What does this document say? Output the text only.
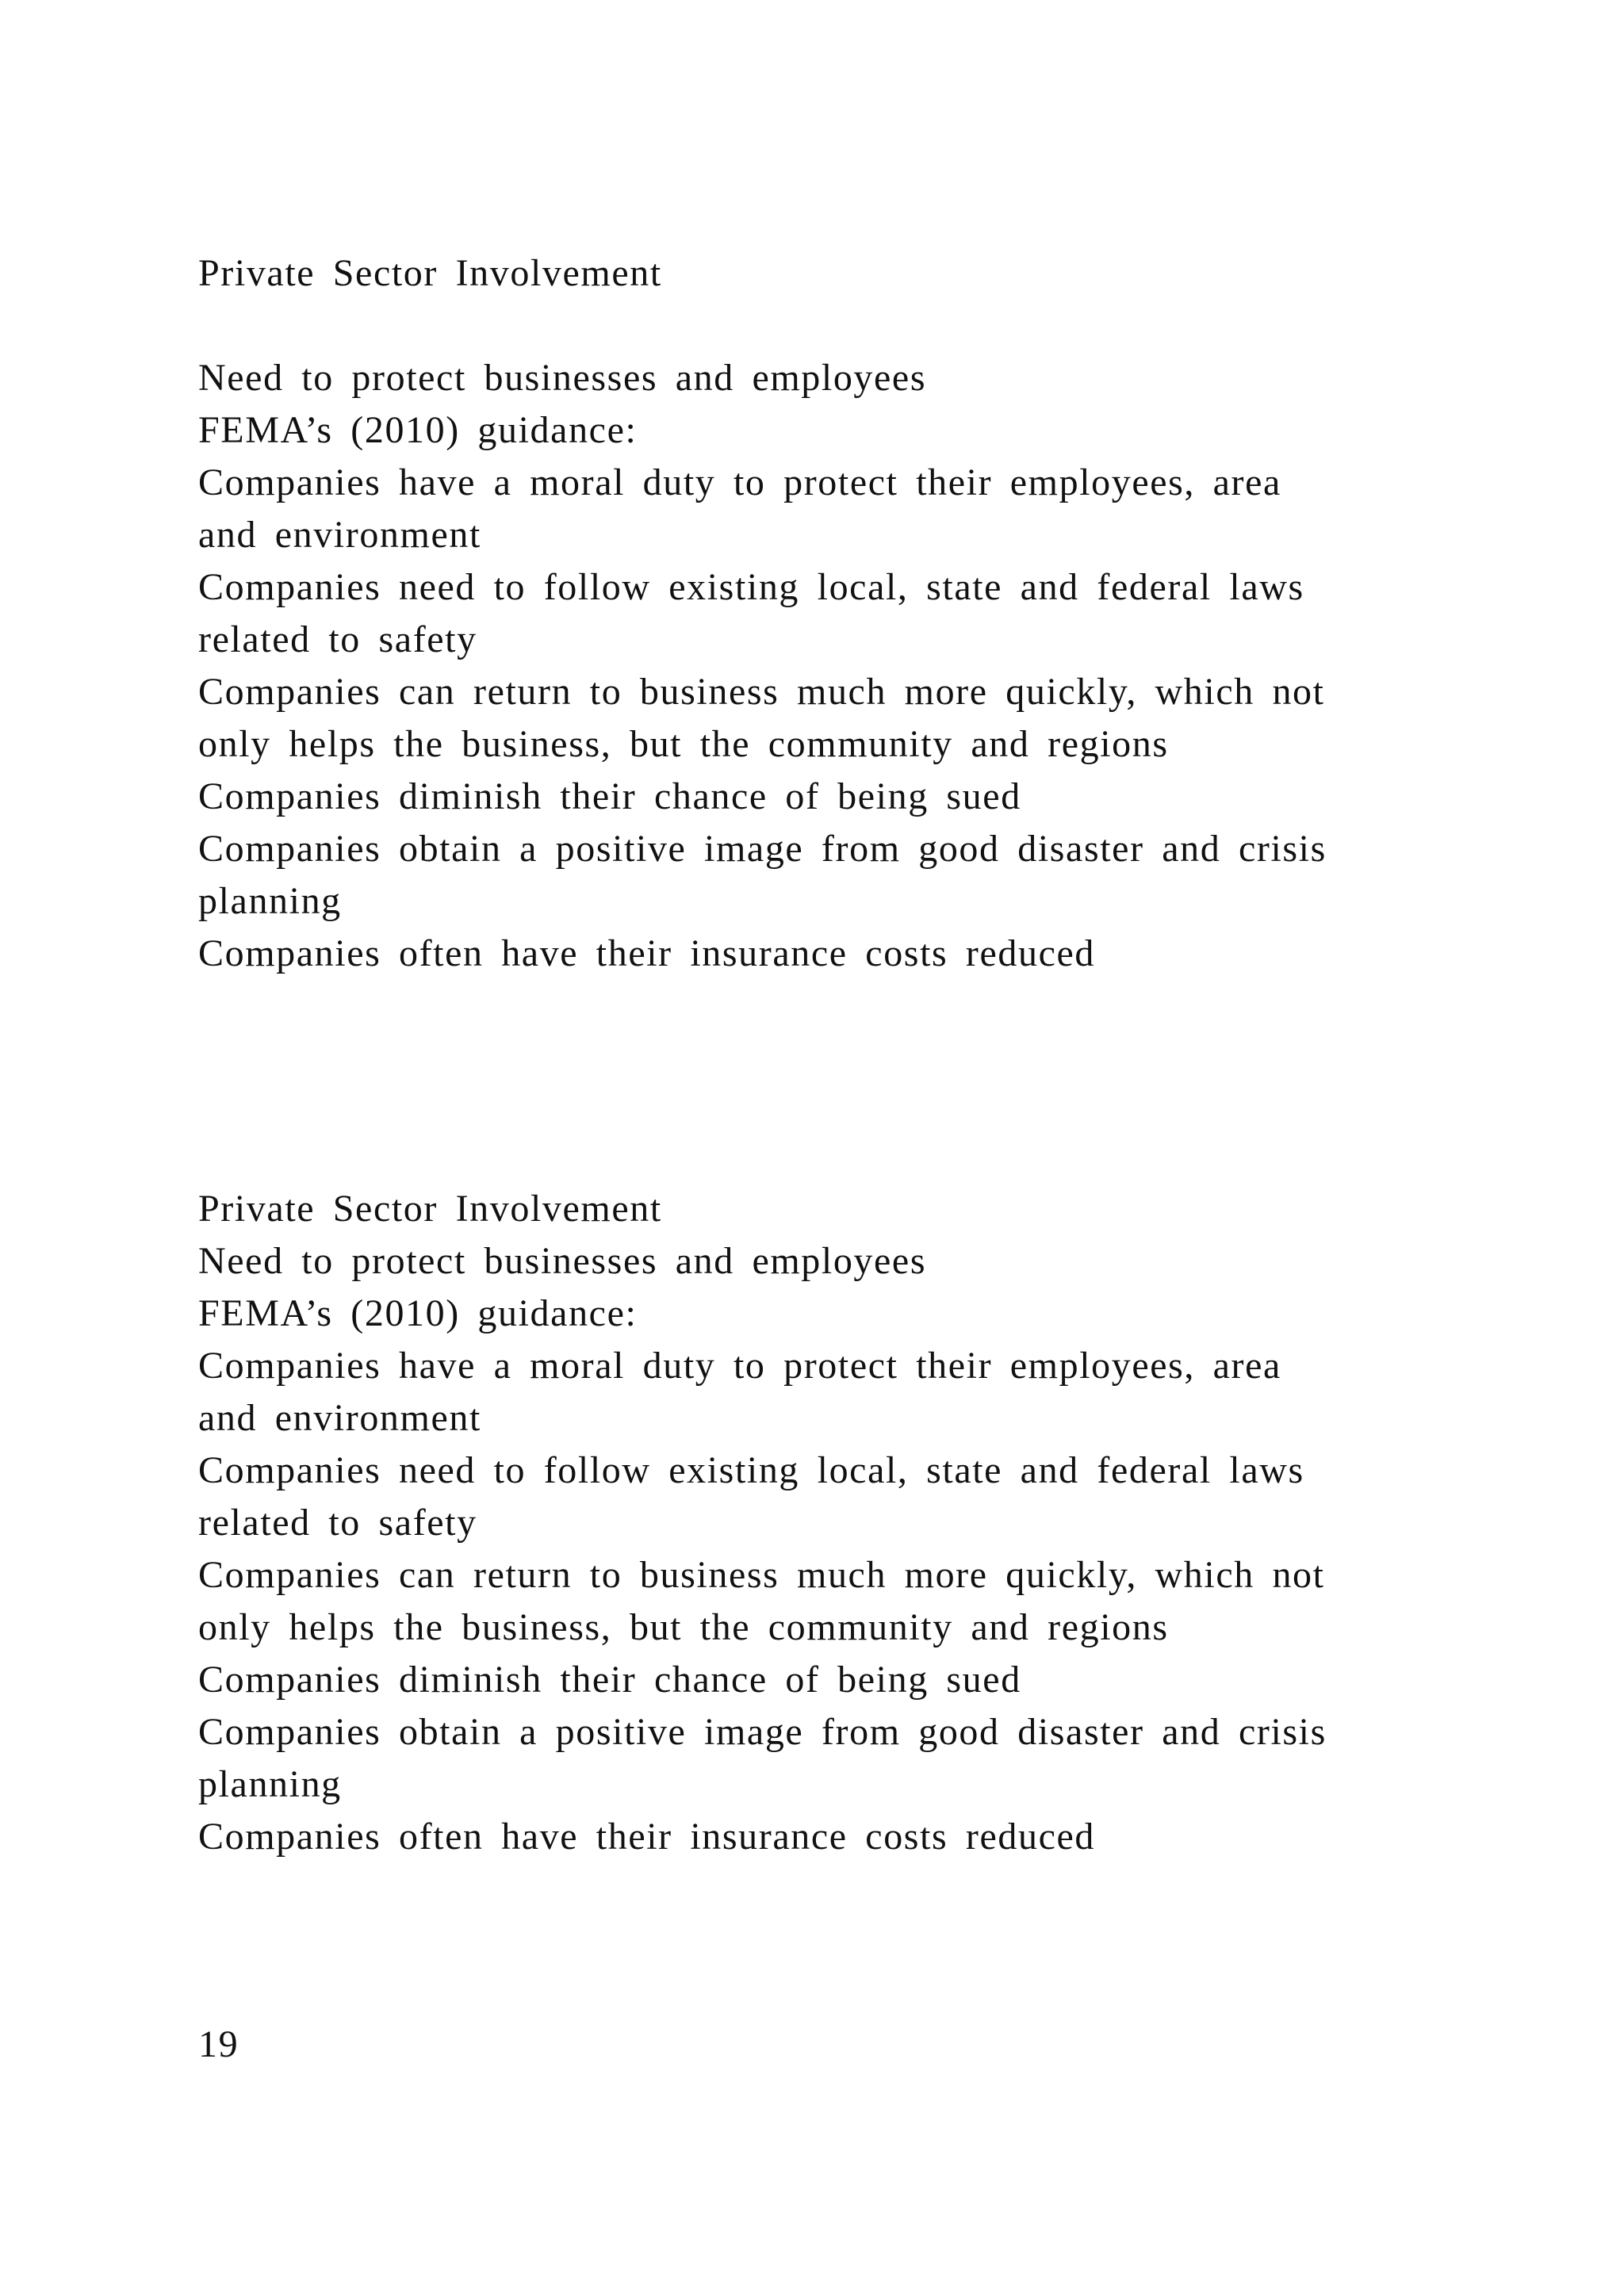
Private Sector Involvement
Need to protect businesses and employees
FEMA’s (2010) guidance:
Companies have a moral duty to protect their employees, area
and environment
Companies need to follow existing local, state and federal laws
related to safety
Companies can return to business much more quickly, which not
only helps the business, but the community and regions
Companies diminish their chance of being sued
Companies obtain a positive image from good disaster and crisis
planning
Companies often have their insurance costs reduced
Private Sector Involvement
Need to protect businesses and employees
FEMA’s (2010) guidance:
Companies have a moral duty to protect their employees, area
and environment
Companies need to follow existing local, state and federal laws
related to safety
Companies can return to business much more quickly, which not
only helps the business, but the community and regions
Companies diminish their chance of being sued
Companies obtain a positive image from good disaster and crisis
planning
Companies often have their insurance costs reduced
19
